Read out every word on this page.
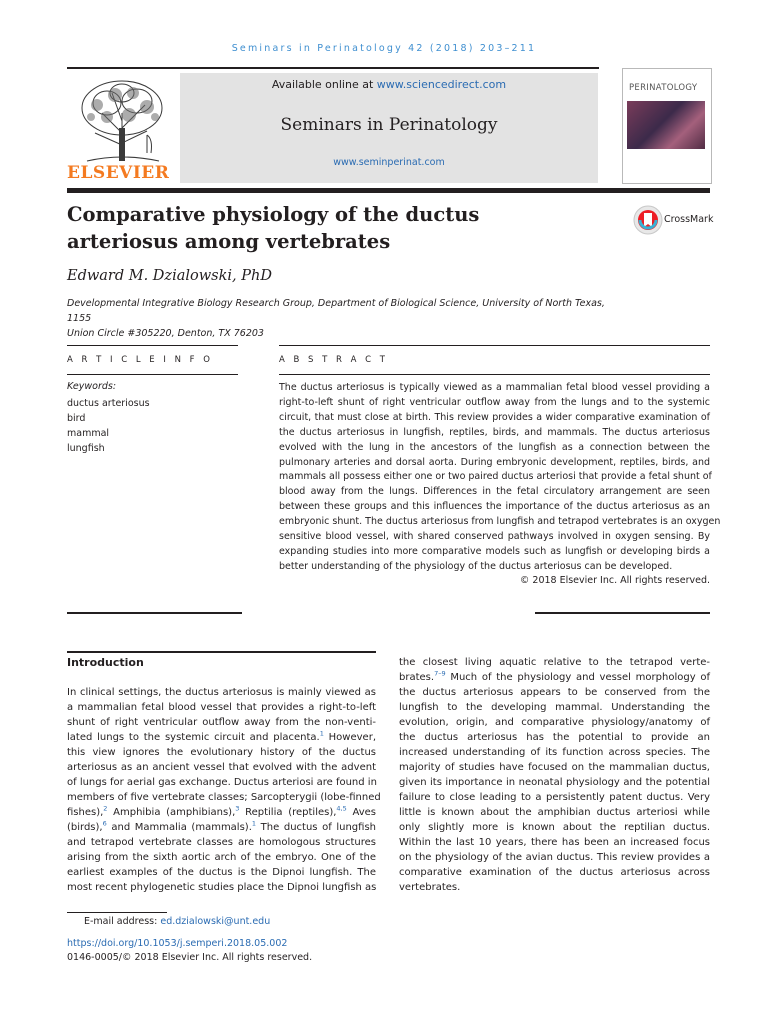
Seminars in Perinatology 42 (2018) 203–211
ELSEVIER
Available online at www.sciencedirect.com
Seminars in Perinatology
www.seminperinat.com
PERINATOLOGY
Comparative physiology of the ductus
arteriosus among vertebrates
CrossMark
Edward M. Dzialowski, PhD
Developmental Integrative Biology Research Group, Department of Biological Science, University of North Texas, 1155
Union Circle #305220, Denton, TX 76203
A R T I C L E I N F O	A B S T R A C T
Keywords:
ductus arteriosus
bird
mammal
lungfish
The ductus arteriosus is typically viewed as a mammalian fetal blood vessel providing a
right-to-left shunt of right ventricular outflow away from the lungs and to the systemic
circuit, that must close at birth. This review provides a wider comparative examination of
the ductus arteriosus in lungfish, reptiles, birds, and mammals. The ductus arteriosus
evolved with the lung in the ancestors of the lungfish as a connection between the
pulmonary arteries and dorsal aorta. During embryonic development, reptiles, birds, and
mammals all possess either one or two paired ductus arteriosi that provide a fetal shunt of
blood away from the lungs. Differences in the fetal circulatory arrangement are seen
between these groups and this influences the importance of the ductus arteriosus as an
embryonic shunt. The ductus arteriosus from lungfish and tetrapod vertebrates is an oxygen
sensitive blood vessel, with shared conserved pathways involved in oxygen sensing. By
expanding studies into more comparative models such as lungfish or developing birds a
better understanding of the physiology of the ductus arteriosus can be developed.
© 2018 Elsevier Inc. All rights reserved.
Introduction
In clinical settings, the ductus arteriosus is mainly viewed as
a mammalian fetal blood vessel that provides a right-to-left
shunt of right ventricular outflow away from the non-venti-
lated lungs to the systemic circuit and placenta.$^1$ However,
this view ignores the evolutionary history of the ductus
arteriosus as an ancient vessel that evolved with the advent
of lungs for aerial gas exchange. Ductus arteriosi are found in
members of five vertebrate classes; Sarcopterygii (lobe-finned
fishes),$^2$ Amphibia (amphibians),$^3$ Reptilia (reptiles),$^{4,5}$ Aves
(birds),$^6$ and Mammalia (mammals).$^1$ The ductus of lungfish
and tetrapod vertebrate classes are homologous structures
arising from the sixth aortic arch of the embryo. One of the
earliest examples of the ductus is the Dipnoi lungfish. The
most recent phylogenetic studies place the Dipnoi lungfish as
the closest living aquatic relative to the tetrapod verte-
brates.$^{7-9}$ Much of the physiology and vessel morphology of
the ductus arteriosus appears to be conserved from the
lungfish to the developing mammal. Understanding the
evolution, origin, and comparative physiology/anatomy of
the ductus arteriosus has the potential to provide an
increased understanding of its function across species. The
majority of studies have focused on the mammalian ductus,
given its importance in neonatal physiology and the potential
failure to close leading to a persistently patent ductus. Very
little is known about the amphibian ductus arteriosi while
only slightly more is known about the reptilian ductus.
Within the last 10 years, there has been an increased focus
on the physiology of the avian ductus. This review provides a
comparative examination of the ductus arteriosus across
vertebrates.
E-mail address: ed.dzialowski@unt.edu
https://doi.org/10.1053/j.semperi.2018.05.002
0146-0005/© 2018 Elsevier Inc. All rights reserved.
